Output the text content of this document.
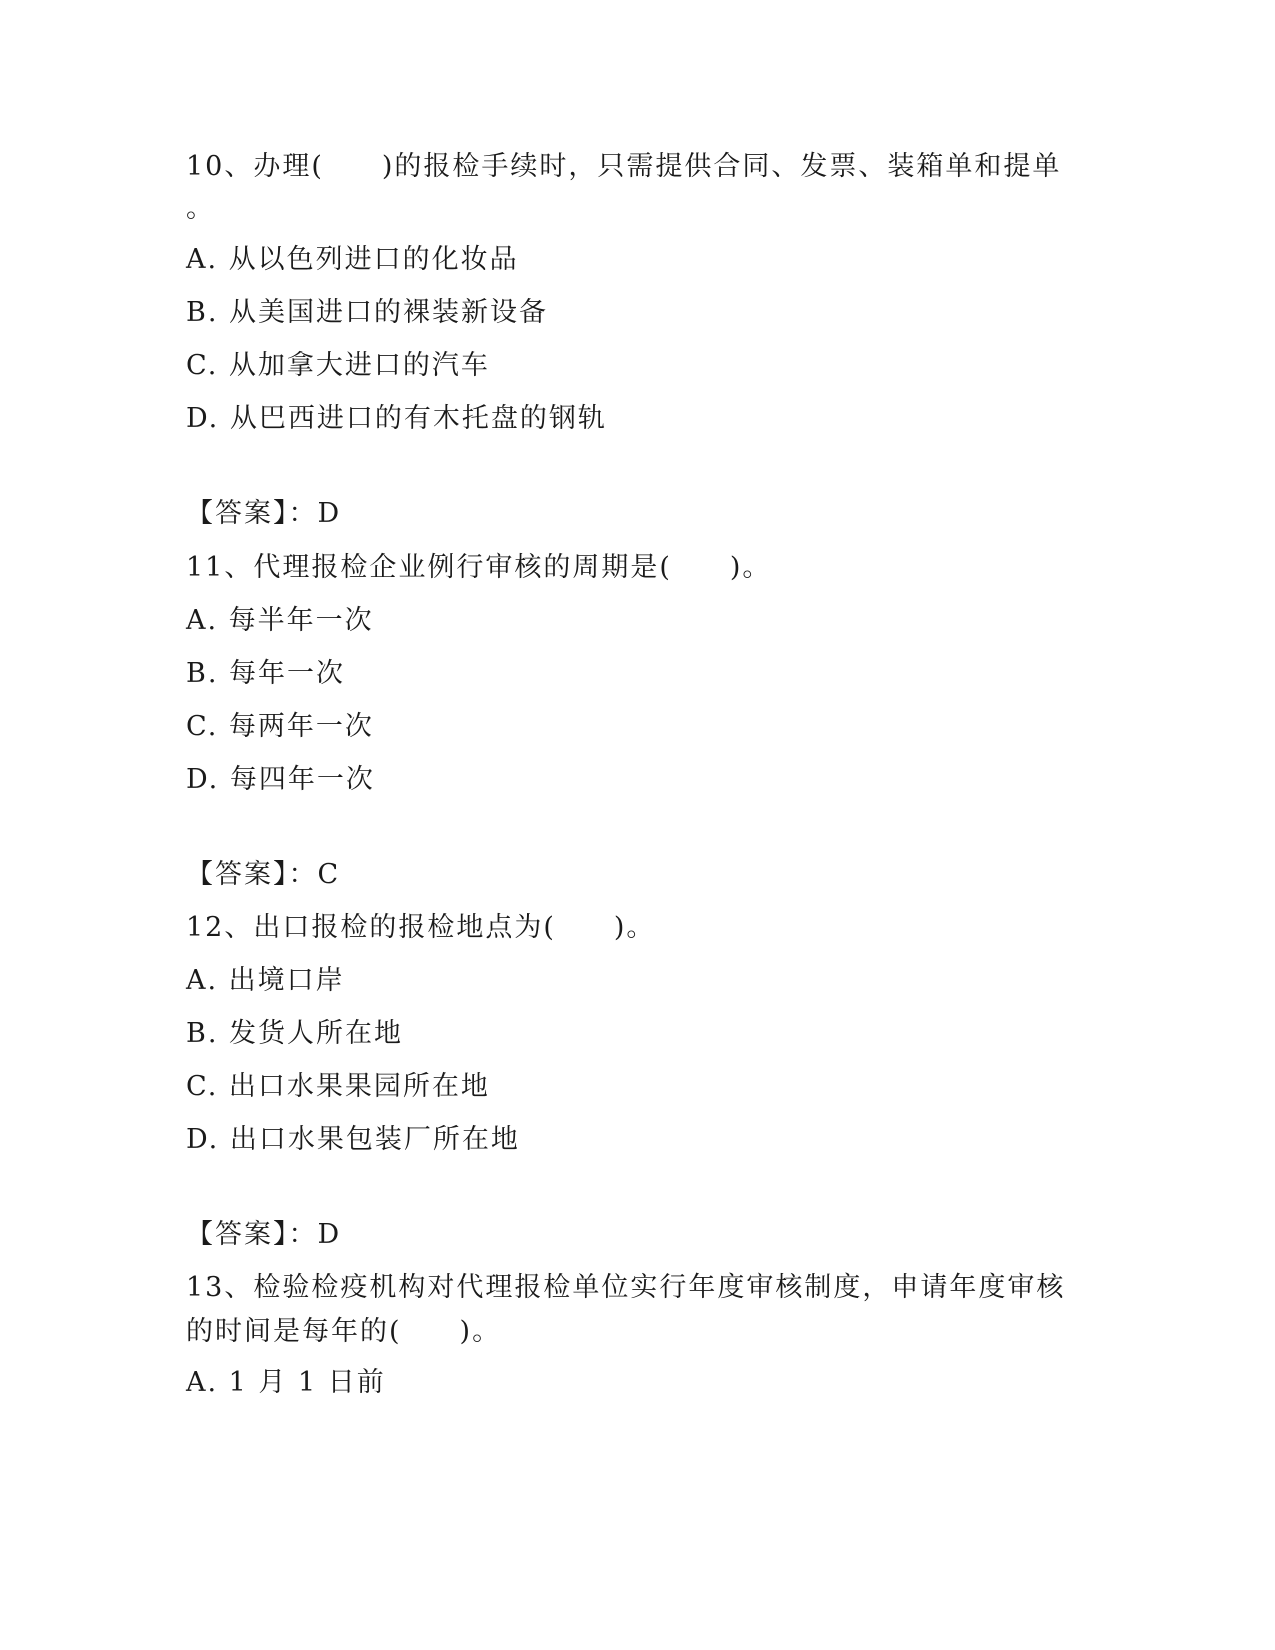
10、办理(　　)的报检手续时，只需提供合同、发票、装箱单和提单
。
A. 从以色列进口的化妆品
B. 从美国进口的裸装新设备
C. 从加拿大进口的汽车
D. 从巴西进口的有木托盘的钢轨
【答案】：D
11、代理报检企业例行审核的周期是(　　)。
A. 每半年一次
B. 每年一次
C. 每两年一次
D. 每四年一次
【答案】：C
12、出口报检的报检地点为(　　)。
A. 出境口岸
B. 发货人所在地
C. 出口水果果园所在地
D. 出口水果包装厂所在地
【答案】：D
13、检验检疫机构对代理报检单位实行年度审核制度，申请年度审核
的时间是每年的(　　)。
A. 1 月 1 日前
